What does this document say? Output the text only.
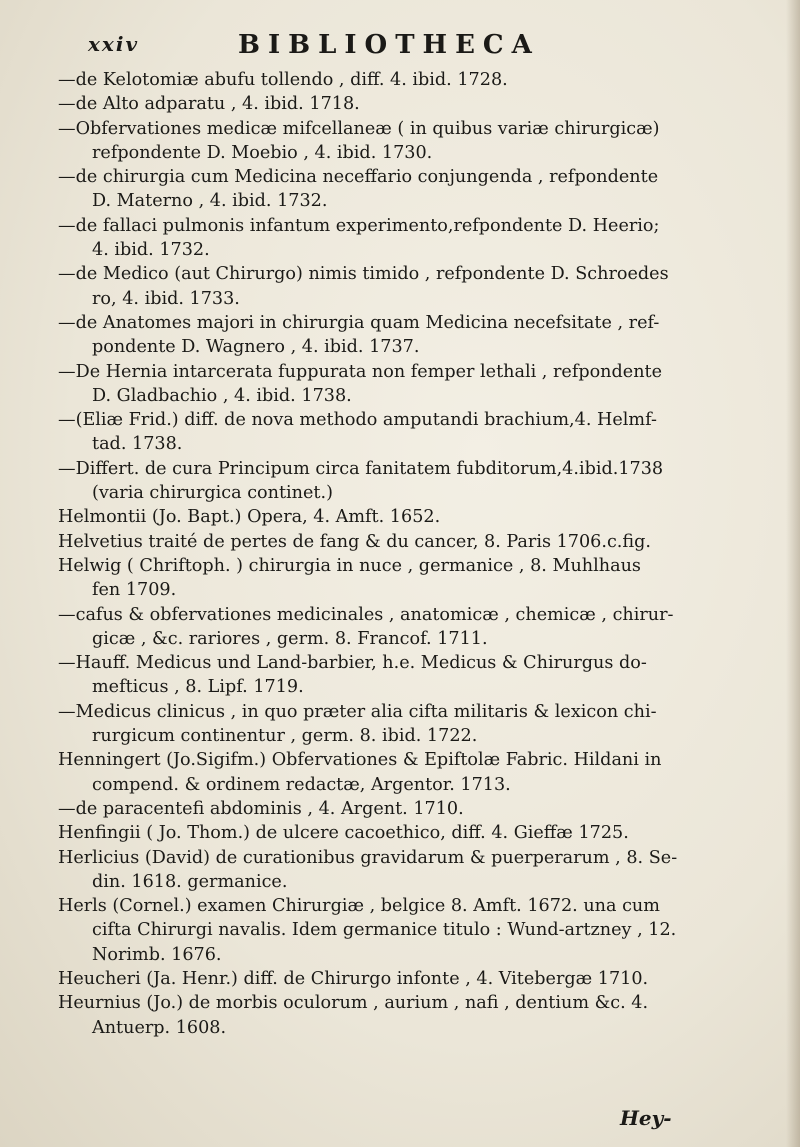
xxiv	BIBLIOTHECA
—de Kelotomiæ abufu tollendo , diff. 4. ibid. 1728.
—de Alto adparatu , 4. ibid. 1718.
—Obfervationes medicæ mifcellaneæ ( in quibus variæ chirurgicæ)
refpondente D. Moebio , 4. ibid. 1730.
—de chirurgia cum Medicina neceffario conjungenda , refpondente
D. Materno , 4. ibid. 1732.
—de fallaci pulmonis infantum experimento,refpondente D. Heerio;
4. ibid. 1732.
—de Medico (aut Chirurgo) nimis timido , refpondente D. Schroedes
ro, 4. ibid. 1733.
—de Anatomes majori in chirurgia quam Medicina necefsitate , ref-
pondente D. Wagnero , 4. ibid. 1737.
—De Hernia intarcerata fuppurata non femper lethali , refpondente
D. Gladbachio , 4. ibid. 1738.
—(Eliæ Frid.) diff. de nova methodo amputandi brachium,4. Helmf-
tad. 1738.
—Differt. de cura Principum circa fanitatem fubditorum,4.ibid.1738
(varia chirurgica continet.)
Helmontii (Jo. Bapt.) Opera, 4. Amft. 1652.
Helvetius traité de pertes de fang & du cancer, 8. Paris 1706.c.fig.
Helwig ( Chriftoph. ) chirurgia in nuce , germanice , 8. Muhlhaus
fen 1709.
—cafus & obfervationes medicinales , anatomicæ , chemicæ , chirur-
gicæ , &c. rariores , germ. 8. Francof. 1711.
—Hauff. Medicus und Land-barbier, h.e. Medicus & Chirurgus do-
mefticus , 8. Lipf. 1719.
—Medicus clinicus , in quo præter alia cifta militaris & lexicon chi-
rurgicum continentur , germ. 8. ibid. 1722.
Henningert (Jo.Sigifm.) Obfervationes & Epiftolæ Fabric. Hildani in
compend. & ordinem redactæ, Argentor. 1713.
—de paracentefi abdominis , 4. Argent. 1710.
Henfingii ( Jo. Thom.) de ulcere cacoethico, diff. 4. Gieffæ 1725.
Herlicius (David) de curationibus gravidarum & puerperarum , 8. Se-
din. 1618. germanice.
Herls (Cornel.) examen Chirurgiæ , belgice 8. Amft. 1672. una cum
cifta Chirurgi navalis. Idem germanice titulo : Wund-artzney , 12.
Norimb. 1676.
Heucheri (Ja. Henr.) diff. de Chirurgo infonte , 4. Vitebergæ 1710.
Heurnius (Jo.) de morbis oculorum , aurium , nafi , dentium &c. 4.
Antuerp. 1608.
Hey-
